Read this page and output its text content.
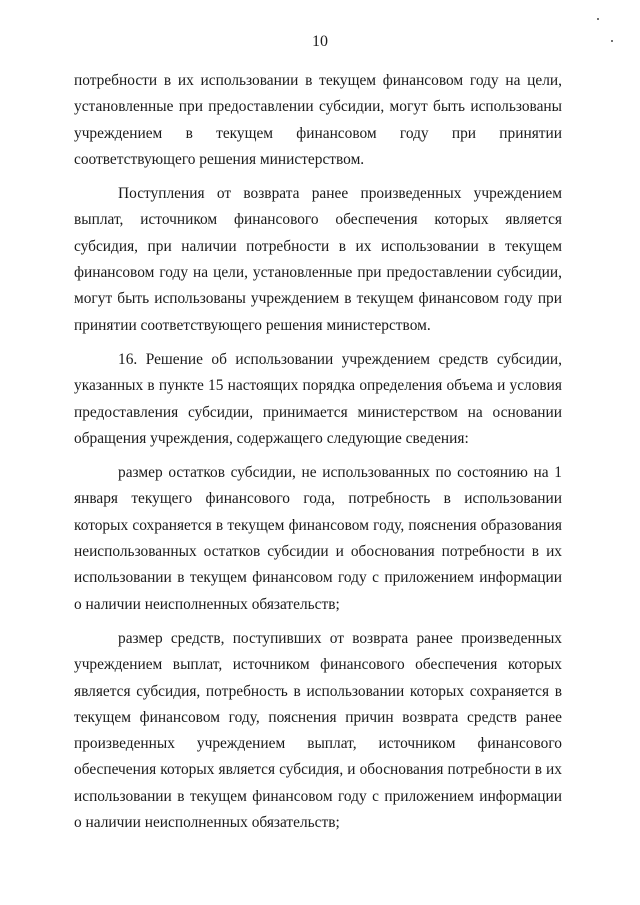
10

потребности в их использовании в текущем финансовом году на цели, установленные при предоставлении субсидии, могут быть использованы учреждением в текущем финансовом году при принятии соответствующего решения министерством.

Поступления от возврата ранее произведенных учреждением выплат, источником финансового обеспечения которых является субсидия, при наличии потребности в их использовании в текущем финансовом году на цели, установленные при предоставлении субсидии, могут быть использованы учреждением в текущем финансовом году при принятии соответствующего решения министерством.

16. Решение об использовании учреждением средств субсидии, указанных в пункте 15 настоящих порядка определения объема и условия предоставления субсидии, принимается министерством на основании обращения учреждения, содержащего следующие сведения:

размер остатков субсидии, не использованных по состоянию на 1 января текущего финансового года, потребность в использовании которых сохраняется в текущем финансовом году, пояснения образования неиспользованных остатков субсидии и обоснования потребности в их использовании в текущем финансовом году с приложением информации о наличии неисполненных обязательств;

размер средств, поступивших от возврата ранее произведенных учреждением выплат, источником финансового обеспечения которых является субсидия, потребность в использовании которых сохраняется в текущем финансовом году, пояснения причин возврата средств ранее произведенных учреждением выплат, источником финансового обеспечения которых является субсидия, и обоснования потребности в их использовании в текущем финансовом году с приложением информации о наличии неисполненных обязательств;
